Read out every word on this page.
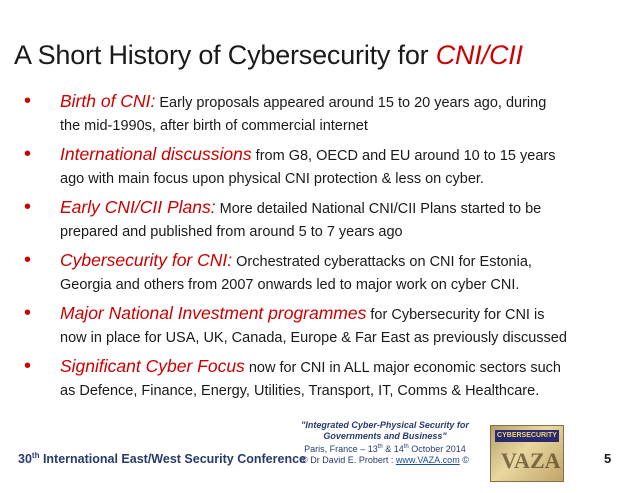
A Short History of Cybersecurity for CNI/CII
• Birth of CNI: Early proposals appeared around 15 to 20 years ago, during
the mid-1990s, after birth of commercial internet
• International discussions from G8, OECD and EU around 10 to 15 years
ago with main focus upon physical CNI protection & less on cyber.
• Early CNI/CII Plans: More detailed National CNI/CII Plans started to be
prepared and published from around 5 to 7 years ago
• Cybersecurity for CNI: Orchestrated cyberattacks on CNI for Estonia,
Georgia and others from 2007 onwards led to major work on cyber CNI.
• Major National Investment programmes for Cybersecurity for CNI is
now in place for USA, UK, Canada, Europe & Far East as previously discussed
• Significant Cyber Focus now for CNI in ALL major economic sectors such
as Defence, Finance, Energy, Utilities, Transport, IT, Comms & Healthcare.
30th International East/West Security Conference
"Integrated Cyber-Physical Security for
Governments and Business"
Paris, France – 13th & 14th October 2014
© Dr David E. Probert : www.VAZA.com ©
CYBERSECURITY
VAZA	5
